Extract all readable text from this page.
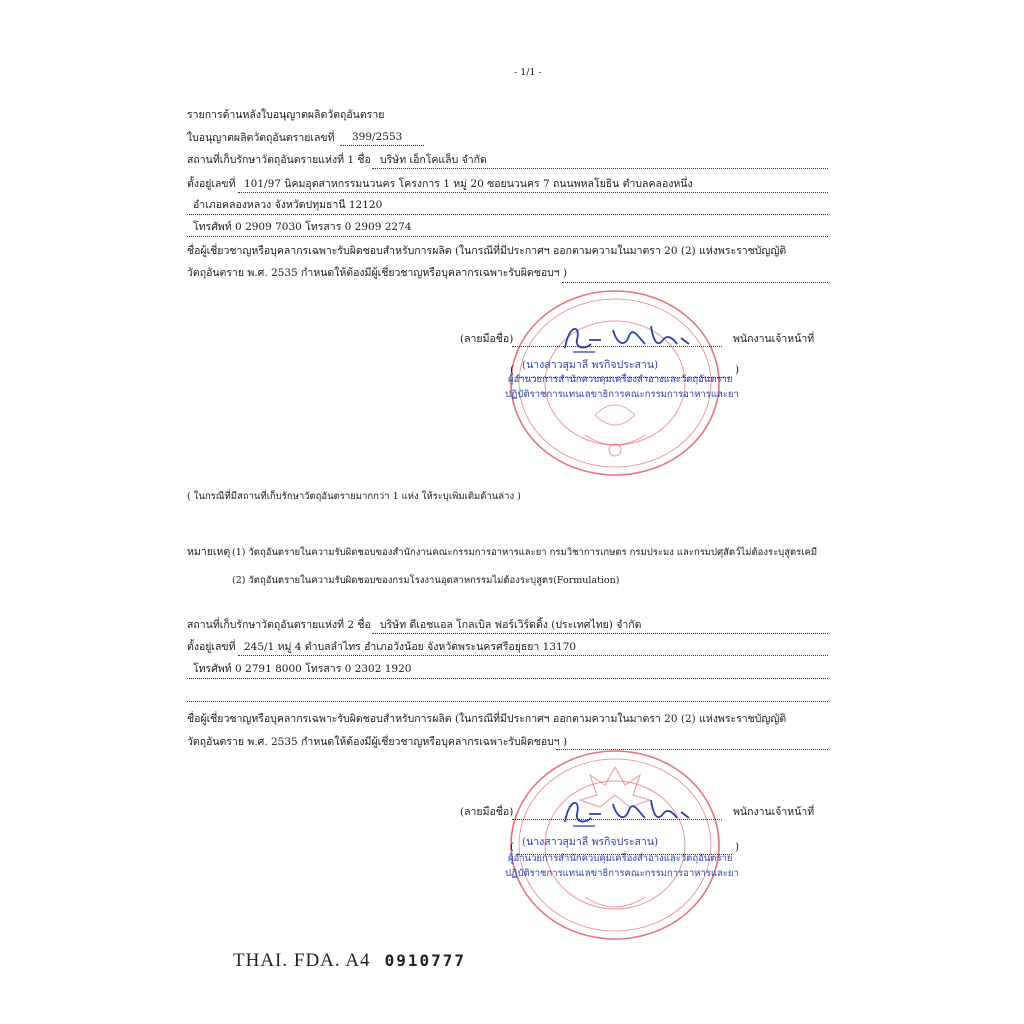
- 1/1 -
รายการด้านหลังใบอนุญาตผลิตวัตถุอันตราย
ใบอนุญาตผลิตวัตถุอันตรายเลขที่ 399/2553
สถานที่เก็บรักษาวัตถุอันตรายแห่งที่ 1 ชื่อ บริษัท เอ็กโคแล็บ จำกัด
ตั้งอยู่เลขที่ 101/97 นิคมอุตสาหกรรมนวนคร โครงการ 1 หมู่ 20 ซอยนวนคร 7 ถนนพหลโยธิน ตำบลคลองหนึ่ง
อำเภอคลองหลวง จังหวัดปทุมธานี 12120
โทรศัพท์ 0 2909 7030 โทรสาร 0 2909 2274
ชื่อผู้เชี่ยวชาญหรือบุคลากรเฉพาะรับผิดชอบสำหรับการผลิต (ในกรณีที่มีประกาศฯ ออกตามความในมาตรา 20 (2) แห่งพระราชบัญญัติ
วัตถุอันตราย พ.ศ. 2535 กำหนดให้ต้องมีผู้เชี่ยวชาญหรือบุคลากรเฉพาะรับผิดชอบฯ )
(ลายมือชื่อ)	พนักงานเจ้าหน้าที่
( (นางสาวสุมาลี พรกิจประสาน)	)
ผู้อำนวยการสำนักควบคุมเครื่องสำอางและวัตถุอันตราย
ปฏิบัติราชการแทนเลขาธิการคณะกรรมการอาหารและยา
( ในกรณีที่มีสถานที่เก็บรักษาวัตถุอันตรายมากกว่า 1 แห่ง ให้ระบุเพิ่มเติมด้านล่าง )
หมายเหตุ (1) วัตถุอันตรายในความรับผิดชอบของสำนักงานคณะกรรมการอาหารและยา กรมวิชาการเกษตร กรมประมง และกรมปศุสัตว์ไม่ต้องระบุสูตรเคมี
(2) วัตถุอันตรายในความรับผิดชอบของกรมโรงงานอุตสาหกรรมไม่ต้องระบุสูตร(Formulation)
สถานที่เก็บรักษาวัตถุอันตรายแห่งที่ 2 ชื่อ บริษัท ดีเอชแอล โกลเบิล ฟอร์เวิร์ดดิ้ง (ประเทศไทย) จำกัด
ตั้งอยู่เลขที่ 245/1 หมู่ 4 ตำบลลำไทร อำเภอวังน้อย จังหวัดพระนครศรีอยุธยา 13170
โทรศัพท์ 0 2791 8000 โทรสาร 0 2302 1920
ชื่อผู้เชี่ยวชาญหรือบุคลากรเฉพาะรับผิดชอบสำหรับการผลิต (ในกรณีที่มีประกาศฯ ออกตามความในมาตรา 20 (2) แห่งพระราชบัญญัติ
วัตถุอันตราย พ.ศ. 2535 กำหนดให้ต้องมีผู้เชี่ยวชาญหรือบุคลากรเฉพาะรับผิดชอบฯ )
(ลายมือชื่อ)	พนักงานเจ้าหน้าที่
( (นางสาวสุมาลี พรกิจประสาน)	)
ผู้อำนวยการสำนักควบคุมเครื่องสำอางและวัตถุอันตราย
ปฏิบัติราชการแทนเลขาธิการคณะกรรมการอาหารและยา
THAI. FDA. A4 0910777
